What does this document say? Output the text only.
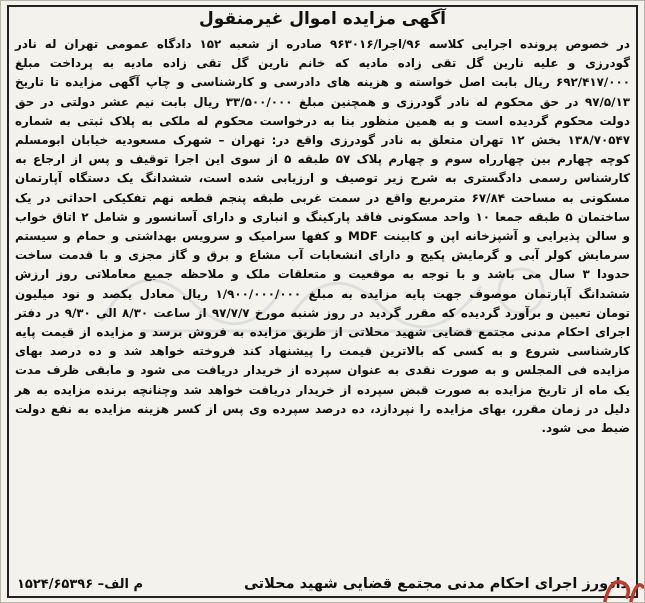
آگهی مزایده اموال غیرمنقول
در خصوص پرونده اجرایی کلاسه ۹۶/اجرا/۹۶۳۰۱۶ صادره از شعبه ۱۵۲ دادگاه عمومی تهران له نادر گودرزی و علیه نارین گل تقی زاده مادیه که خانم نارین گل تقی زاده مادیه به پرداخت مبلغ ۶۹۲/۴۱۷/۰۰۰ ریال بابت اصل خواسته و هزینه های دادرسی و کارشناسی و چاپ آگهی مزایده تا تاریخ ۹۷/۵/۱۳ در حق محکوم له نادر گودرزی و همچنین مبلغ ۳۳/۵۰۰/۰۰۰ ریال بابت نیم عشر دولتی در حق دولت محکوم گردیده است و به همین منظور بنا به درخواست محکوم له ملکی به پلاک ثبتی به شماره ۱۳۸/۷۰۵۴۷ بخش ۱۲ تهران متعلق به نادر گودرزی واقع در: تهران – شهرک مسعودیه خیابان ابومسلم کوچه چهارم بین چهارراه سوم و چهارم پلاک ۵۷ طبقه ۵ از سوی این اجرا توقیف و پس از ارجاع به کارشناس رسمی دادگستری به شرح زیر توصیف و ارزیابی شده است، ششدانگ یک دستگاه آپارتمان مسکونی به مساحت ۶۷/۸۴ مترمربع واقع در سمت غربی طبقه پنجم قطعه نهم تفکیکی احداثی در یک ساختمان ۵ طبقه جمعا ۱۰ واحد مسکونی فاقد پارکینگ و انباری و دارای آسانسور و شامل ۲ اتاق خواب و سالن پذیرایی و آشپزخانه اپن و کابینت MDF و کفها سرامیک و سرویس بهداشتی و حمام و سیستم سرمایش کولر آبی و گرمایش پکیج و دارای انشعابات آب مشاع و برق و گاز مجزی و با قدمت ساخت حدودا ۳ سال می باشد و با توجه به موقعیت و متعلقات ملک و ملاحظه جمیع معاملاتی روز ارزش ششدانگ آپارتمان موصوف جهت پایه مزایده به مبلغ ۱/۹۰۰/۰۰۰/۰۰۰ ریال معادل یکصد و نود میلیون تومان تعیین و برآورد گردیده که مقرر گردید در روز شنبه مورخ ۹۷/۷/۷ از ساعت ۸/۳۰ الی ۹/۳۰ در دفتر اجرای احکام مدنی مجتمع قضایی شهید محلاتی از طریق مزایده به فروش برسد و مزایده از قیمت پایه کارشناسی شروع و به کسی که بالاترین قیمت را پیشنهاد کند فروخته خواهد شد و ده درصد بهای مزایده فی المجلس و به صورت نقدی به عنوان سپرده از خریدار دریافت می شود و مابقی ظرف مدت یک ماه از تاریخ مزایده به صورت قبض سپرده از خریدار دریافت خواهد شد وچنانچه برنده مزایده به هر دلیل در زمان مقرر، بهای مزایده را نپردازد، ده درصد سپرده وی پس از کسر هزینه مزایده به نفع دولت ضبط می شود.
دادورز اجرای احکام مدنی مجتمع قضایی شهید محلاتی
۱۵۲۴/۶۵۳۹۶ –م الف
